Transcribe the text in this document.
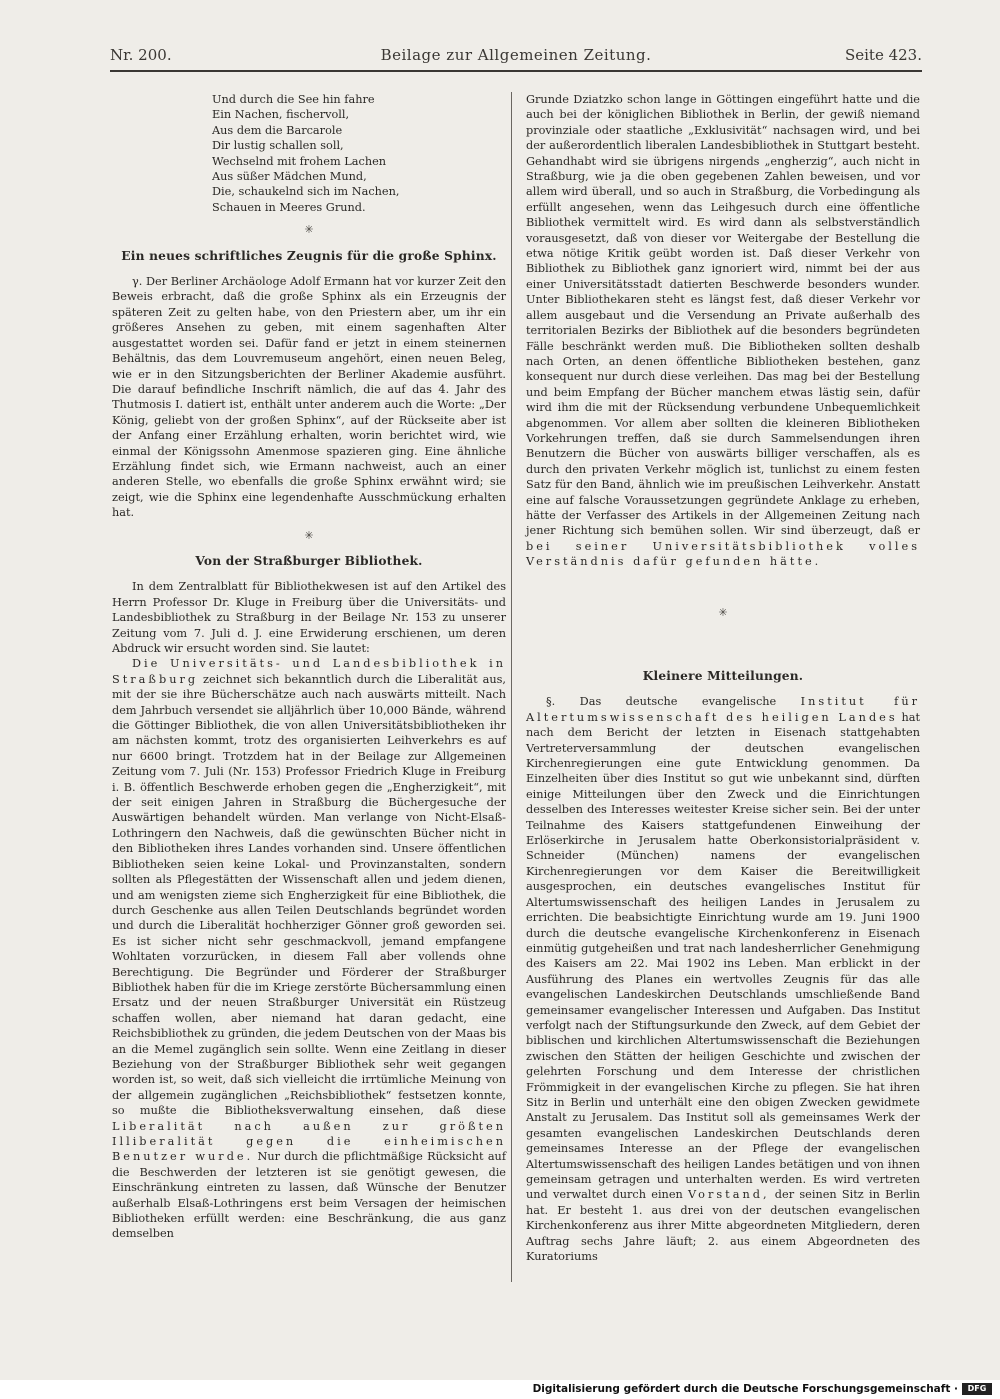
Nr. 200.	Beilage zur Allgemeinen Zeitung.	Seite 423.
Und durch die See hin fahre
Ein Nachen, fischervoll,
Aus dem die Barcarole
Dir lustig schallen soll,
Wechselnd mit frohem Lachen
Aus süßer Mädchen Mund,
Die, schaukelnd sich im Nachen,
Schauen in Meeres Grund.
✳
Ein neues schriftliches Zeugnis für die große Sphinx.

γ. Der Berliner Archäologe Adolf Ermann hat vor kurzer Zeit den Beweis erbracht, daß die große Sphinx als ein Erzeugnis der späteren Zeit zu gelten habe, von den Priestern aber, um ihr ein größeres Ansehen zu geben, mit einem sagenhaften Alter ausgestattet worden sei. Dafür fand er jetzt in einem steinernen Behältnis, das dem Louvremuseum angehört, einen neuen Beleg, wie er in den Sitzungsberichten der Berliner Akademie ausführt. Die darauf befindliche Inschrift nämlich, die auf das 4. Jahr des Thutmosis I. datiert ist, enthält unter anderem auch die Worte: „Der König, geliebt von der großen Sphinx“, auf der Rückseite aber ist der Anfang einer Erzählung erhalten, worin berichtet wird, wie einmal der Königssohn Amenmose spazieren ging. Eine ähnliche Erzählung findet sich, wie Ermann nachweist, auch an einer anderen Stelle, wo ebenfalls die große Sphinx erwähnt wird; sie zeigt, wie die Sphinx eine legendenhafte Ausschmückung erhalten hat.

✳
Von der Straßburger Bibliothek.

In dem Zentralblatt für Bibliothekwesen ist auf den Artikel des Herrn Professor Dr. Kluge in Freiburg über die Universitäts- und Landesbibliothek zu Straßburg in der Beilage Nr. 153 zu unserer Zeitung vom 7. Juli d. J. eine Erwiderung erschienen, um deren Abdruck wir ersucht worden sind. Sie lautet:

Die Universitäts- und Landesbibliothek in Straßburg zeichnet sich bekanntlich durch die Liberalität aus, mit der sie ihre Bücherschätze auch nach auswärts mitteilt. Nach dem Jahrbuch versendet sie alljährlich über 10,000 Bände, während die Göttinger Bibliothek, die von allen Universitätsbibliotheken ihr am nächsten kommt, trotz des organisierten Leihverkehrs es auf nur 6600 bringt. Trotzdem hat in der Beilage zur Allgemeinen Zeitung vom 7. Juli (Nr. 153) Professor Friedrich Kluge in Freiburg i. B. öffentlich Beschwerde erhoben gegen die „Engherzigkeit“, mit der seit einigen Jahren in Straßburg die Büchergesuche der Auswärtigen behandelt würden. Man verlange von Nicht-Elsaß-Lothringern den Nachweis, daß die gewünschten Bücher nicht in den Bibliotheken ihres Landes vorhanden sind. Unsere öffentlichen Bibliotheken seien keine Lokal- und Provinzanstalten, sondern sollten als Pflegestätten der Wissenschaft allen und jedem dienen, und am wenigsten zieme sich Engherzigkeit für eine Bibliothek, die durch Geschenke aus allen Teilen Deutschlands begründet worden und durch die Liberalität hochherziger Gönner groß geworden sei. Es ist sicher nicht sehr geschmackvoll, jemand empfangene Wohltaten vorzurücken, in diesem Fall aber vollends ohne Berechtigung. Die Begründer und Förderer der Straßburger Bibliothek haben für die im Kriege zerstörte Büchersammlung einen Ersatz und der neuen Straßburger Universität ein Rüstzeug schaffen wollen, aber niemand hat daran gedacht, eine Reichsbibliothek zu gründen, die jedem Deutschen von der Maas bis an die Memel zugänglich sein sollte. Wenn eine Zeitlang in dieser Beziehung von der Straßburger Bibliothek sehr weit gegangen worden ist, so weit, daß sich vielleicht die irrtümliche Meinung von der allgemein zugänglichen „Reichsbibliothek“ festsetzen konnte, so mußte die Bibliotheksverwaltung einsehen, daß diese Liberalität nach außen zur größten Illiberalität gegen die einheimischen Benutzer wurde. Nur durch die pflichtmäßige Rücksicht auf die Beschwerden der letzteren ist sie genötigt gewesen, die Einschränkung eintreten zu lassen, daß Wünsche der Benutzer außerhalb Elsaß-Lothringens erst beim Versagen der heimischen Bibliotheken erfüllt werden: eine Beschränkung, die aus ganz demselben

Grunde Dziatzko schon lange in Göttingen eingeführt hatte und die auch bei der königlichen Bibliothek in Berlin, der gewiß niemand provinziale oder staatliche „Exklusivität“ nachsagen wird, und bei der außerordentlich liberalen Landesbibliothek in Stuttgart besteht. Gehandhabt wird sie übrigens nirgends „engherzig“, auch nicht in Straßburg, wie ja die oben gegebenen Zahlen beweisen, und vor allem wird überall, und so auch in Straßburg, die Vorbedingung als erfüllt angesehen, wenn das Leihgesuch durch eine öffentliche Bibliothek vermittelt wird. Es wird dann als selbstverständlich vorausgesetzt, daß von dieser vor Weitergabe der Bestellung die etwa nötige Kritik geübt worden ist. Daß dieser Verkehr von Bibliothek zu Bibliothek ganz ignoriert wird, nimmt bei der aus einer Universitätsstadt datierten Beschwerde besonders wunder. Unter Bibliothekaren steht es längst fest, daß dieser Verkehr vor allem ausgebaut und die Versendung an Private außerhalb des territorialen Bezirks der Bibliothek auf die besonders begründeten Fälle beschränkt werden muß. Die Bibliotheken sollten deshalb nach Orten, an denen öffentliche Bibliotheken bestehen, ganz konsequent nur durch diese verleihen. Das mag bei der Bestellung und beim Empfang der Bücher manchem etwas lästig sein, dafür wird ihm die mit der Rücksendung verbundene Unbequemlichkeit abgenommen. Vor allem aber sollten die kleineren Bibliotheken Vorkehrungen treffen, daß sie durch Sammelsendungen ihren Benutzern die Bücher von auswärts billiger verschaffen, als es durch den privaten Verkehr möglich ist, tunlichst zu einem festen Satz für den Band, ähnlich wie im preußischen Leihverkehr. Anstatt eine auf falsche Voraussetzungen gegründete Anklage zu erheben, hätte der Verfasser des Artikels in der Allgemeinen Zeitung nach jener Richtung sich bemühen sollen. Wir sind überzeugt, daß er bei seiner Universitätsbibliothek volles Verständnis dafür gefunden hätte.

✳
Kleinere Mitteilungen.

§. Das deutsche evangelische Institut für Altertumswissenschaft des heiligen Landes hat nach dem Bericht der letzten in Eisenach stattgehabten Vertreterversammlung der deutschen evangelischen Kirchenregierungen eine gute Entwicklung genommen. Da Einzelheiten über dies Institut so gut wie unbekannt sind, dürften einige Mitteilungen über den Zweck und die Einrichtungen desselben des Interesses weitester Kreise sicher sein. Bei der unter Teilnahme des Kaisers stattgefundenen Einweihung der Erlöserkirche in Jerusalem hatte Oberkonsistorialpräsident v. Schneider (München) namens der evangelischen Kirchenregierungen vor dem Kaiser die Bereitwilligkeit ausgesprochen, ein deutsches evangelisches Institut für Altertumswissenschaft des heiligen Landes in Jerusalem zu errichten. Die beabsichtigte Einrichtung wurde am 19. Juni 1900 durch die deutsche evangelische Kirchenkonferenz in Eisenach einmütig gutgeheißen und trat nach landesherrlicher Genehmigung des Kaisers am 22. Mai 1902 ins Leben. Man erblickt in der Ausführung des Planes ein wertvolles Zeugnis für das alle evangelischen Landeskirchen Deutschlands umschließende Band gemeinsamer evangelischer Interessen und Aufgaben. Das Institut verfolgt nach der Stiftungsurkunde den Zweck, auf dem Gebiet der biblischen und kirchlichen Altertumswissenschaft die Beziehungen zwischen den Stätten der heiligen Geschichte und zwischen der gelehrten Forschung und dem Interesse der christlichen Frömmigkeit in der evangelischen Kirche zu pflegen. Sie hat ihren Sitz in Berlin und unterhält eine den obigen Zwecken gewidmete Anstalt zu Jerusalem. Das Institut soll als gemeinsames Werk der gesamten evangelischen Landeskirchen Deutschlands deren gemeinsames Interesse an der Pflege der evangelischen Altertumswissenschaft des heiligen Landes betätigen und von ihnen gemeinsam getragen und unterhalten werden. Es wird vertreten und verwaltet durch einen Vorstand, der seinen Sitz in Berlin hat. Er besteht 1. aus drei von der deutschen evangelischen Kirchenkonferenz aus ihrer Mitte abgeordneten Mitgliedern, deren Auftrag sechs Jahre läuft; 2. aus einem Abgeordneten des Kuratoriums

Digitalisierung gefördert durch die Deutsche Forschungsgemeinschaft ·	DFG
